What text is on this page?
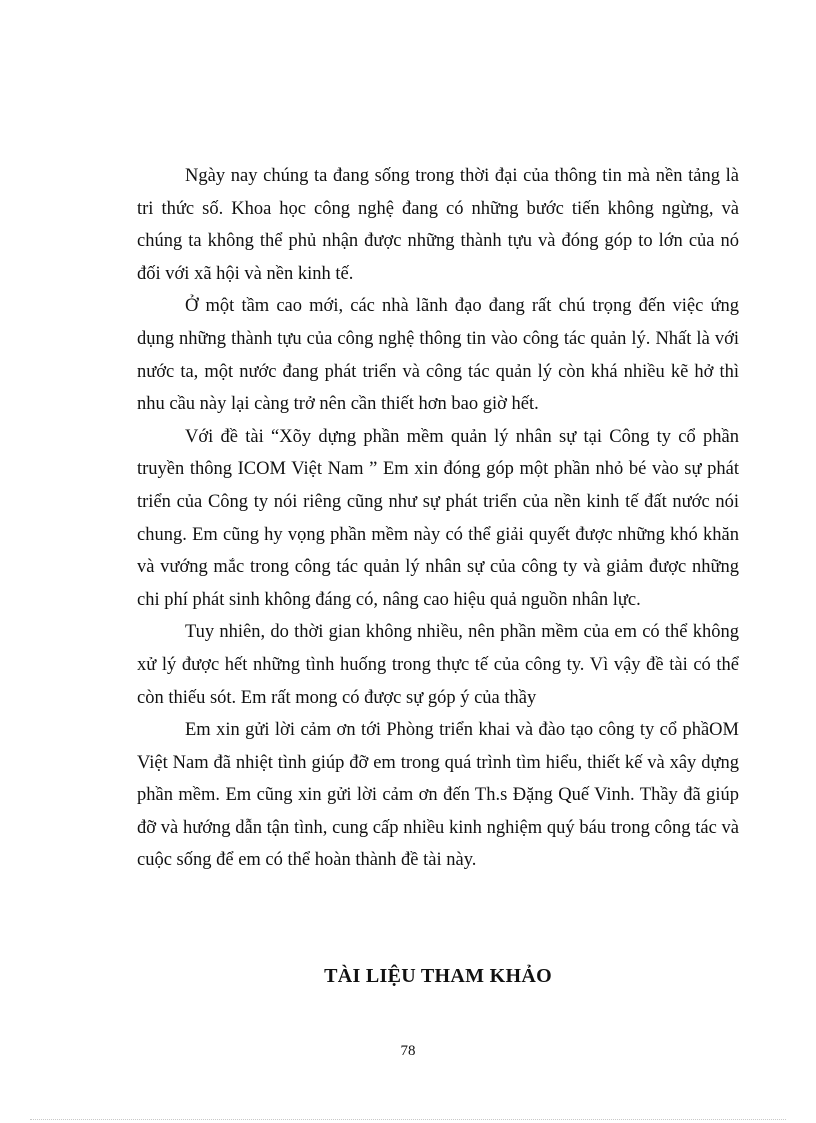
Ngày nay chúng ta đang sống trong thời đại của thông tin mà nền tảng là tri thức số. Khoa học công nghệ đang có những bước tiến không ngừng, và chúng ta không thể phủ nhận được những thành tựu và đóng góp to lớn của nó đối với xã hội và nền kinh tế.

Ở một tầm cao mới, các nhà lãnh đạo đang rất chú trọng đến việc ứng dụng những thành tựu của công nghệ thông tin vào công tác quản lý. Nhất là với nước ta, một nước đang phát triển và công tác quản lý còn khá nhiều kẽ hở thì nhu cầu này lại càng trở nên cần thiết hơn bao giờ hết.

Với đề tài “Xõy dựng phần mềm quản lý nhân sự tại Công ty cổ phần truyền thông ICOM Việt Nam ” Em xin đóng góp một phần nhỏ bé vào sự phát triển của Công ty nói riêng cũng như sự phát triển của nền kinh tế đất nước nói chung. Em cũng hy vọng phần mềm này có thể giải quyết được những khó khăn và vướng mắc trong công tác quản lý nhân sự của công ty và giảm được những chi phí phát sinh không đáng có, nâng cao hiệu quả nguồn nhân lực.

Tuy nhiên, do thời gian không nhiều, nên phần mềm của em có thể không xử lý được hết những tình huống trong thực tế của công ty. Vì vậy đề tài có thể còn thiếu sót. Em rất mong có được sự góp ý của thầy

Em xin gửi lời cảm ơn tới Phòng triển khai và đào tạo công ty cổ phầOM Việt Nam đã nhiệt tình giúp đỡ em trong quá trình tìm hiểu, thiết kế và xây dựng phần mềm. Em cũng xin gửi lời cảm ơn đến Th.s Đặng Quế Vinh. Thầy đã giúp đỡ và hướng dẫn tận tình, cung cấp nhiều kinh nghiệm quý báu trong công tác và cuộc sống để em có thể hoàn thành đề tài này.

TÀI LIỆU THAM KHẢO

78
